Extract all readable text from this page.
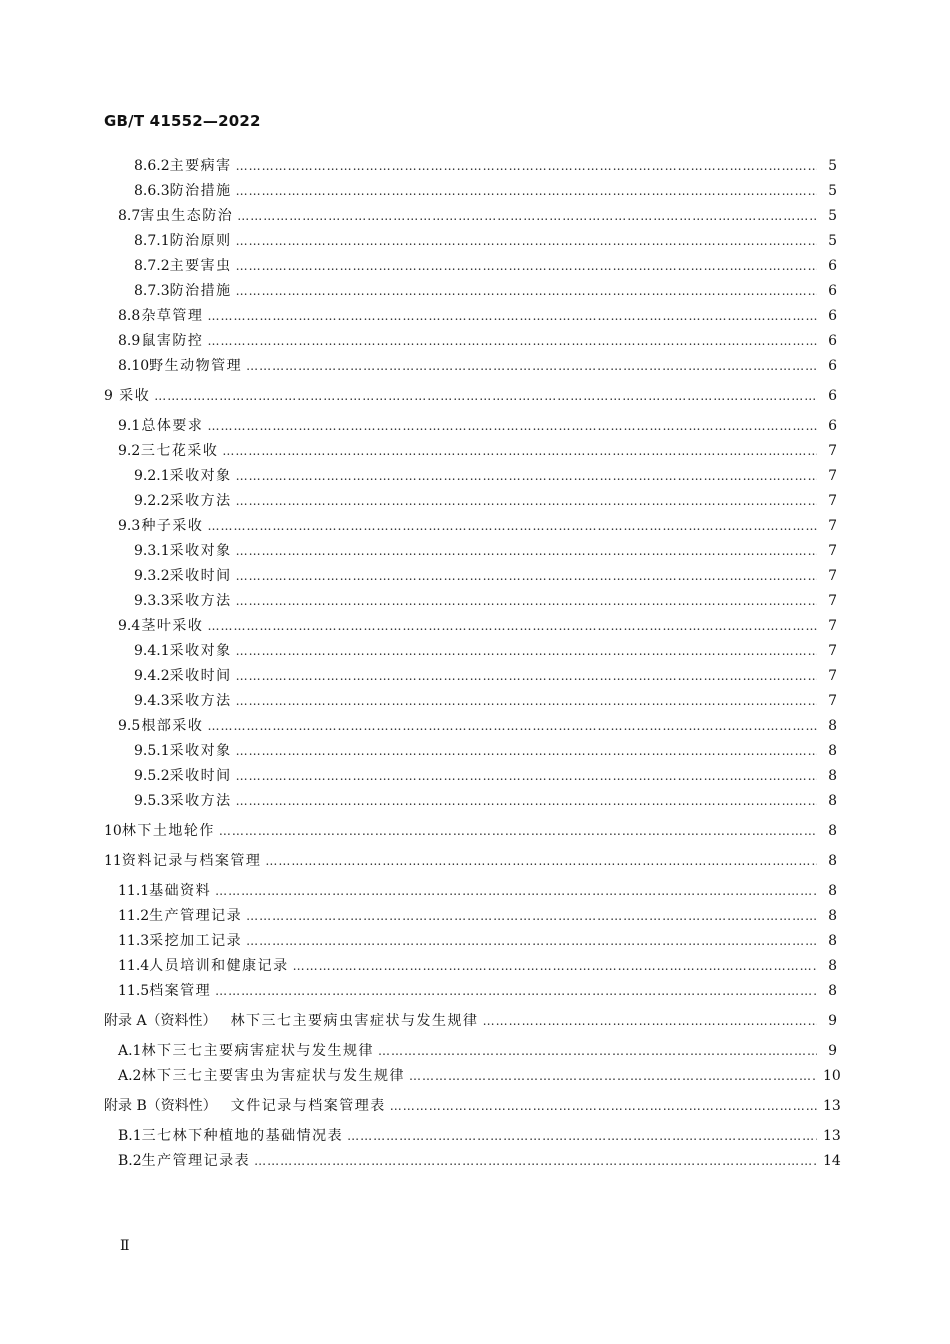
GB/T 41552—2022
8.6.2 主要病害 ……………………………………………………………………………………………………………………………………………………………………………………………………………………	5
8.6.3 防治措施 ……………………………………………………………………………………………………………………………………………………………………………………………………………………	5
8.7 害虫生态防治 ……………………………………………………………………………………………………………………………………………………………………………………………………………………	5
8.7.1 防治原则 ……………………………………………………………………………………………………………………………………………………………………………………………………………………	5
8.7.2 主要害虫 ……………………………………………………………………………………………………………………………………………………………………………………………………………………	6
8.7.3 防治措施 ……………………………………………………………………………………………………………………………………………………………………………………………………………………	6
8.8 杂草管理 ……………………………………………………………………………………………………………………………………………………………………………………………………………………	6
8.9 鼠害防控 ……………………………………………………………………………………………………………………………………………………………………………………………………………………	6
8.10 野生动物管理 ……………………………………………………………………………………………………………………………………………………………………………………………………………………	6
9 采收 ……………………………………………………………………………………………………………………………………………………………………………………………………………………	6
9.1 总体要求 ……………………………………………………………………………………………………………………………………………………………………………………………………………………	6
9.2 三七花采收 ……………………………………………………………………………………………………………………………………………………………………………………………………………………	7
9.2.1 采收对象 ……………………………………………………………………………………………………………………………………………………………………………………………………………………	7
9.2.2 采收方法 ……………………………………………………………………………………………………………………………………………………………………………………………………………………	7
9.3 种子采收 ……………………………………………………………………………………………………………………………………………………………………………………………………………………	7
9.3.1 采收对象 ……………………………………………………………………………………………………………………………………………………………………………………………………………………	7
9.3.2 采收时间 ……………………………………………………………………………………………………………………………………………………………………………………………………………………	7
9.3.3 采收方法 ……………………………………………………………………………………………………………………………………………………………………………………………………………………	7
9.4 茎叶采收 ……………………………………………………………………………………………………………………………………………………………………………………………………………………	7
9.4.1 采收对象 ……………………………………………………………………………………………………………………………………………………………………………………………………………………	7
9.4.2 采收时间 ……………………………………………………………………………………………………………………………………………………………………………………………………………………	7
9.4.3 采收方法 ……………………………………………………………………………………………………………………………………………………………………………………………………………………	7
9.5 根部采收 ……………………………………………………………………………………………………………………………………………………………………………………………………………………	8
9.5.1 采收对象 ……………………………………………………………………………………………………………………………………………………………………………………………………………………	8
9.5.2 采收时间 ……………………………………………………………………………………………………………………………………………………………………………………………………………………	8
9.5.3 采收方法 ……………………………………………………………………………………………………………………………………………………………………………………………………………………	8
10 林下土地轮作 ……………………………………………………………………………………………………………………………………………………………………………………………………………………	8
11 资料记录与档案管理 ……………………………………………………………………………………………………………………………………………………………………………………………………………………	8
11.1 基础资料 ……………………………………………………………………………………………………………………………………………………………………………………………………………………	8
11.2 生产管理记录 ……………………………………………………………………………………………………………………………………………………………………………………………………………………	8
11.3 采挖加工记录 ……………………………………………………………………………………………………………………………………………………………………………………………………………………	8
11.4 人员培训和健康记录 ……………………………………………………………………………………………………………………………………………………………………………………………………………………	8
11.5 档案管理 ……………………………………………………………………………………………………………………………………………………………………………………………………………………	8
附录 A（资料性） 林下三七主要病虫害症状与发生规律 ……………………………………………………………………………………………………………………………………………………………………………………………………………………	9
A.1 林下三七主要病害症状与发生规律 ……………………………………………………………………………………………………………………………………………………………………………………………………………………	9
A.2 林下三七主要害虫为害症状与发生规律 ……………………………………………………………………………………………………………………………………………………………………………………………………………………	10
附录 B（资料性） 文件记录与档案管理表 ……………………………………………………………………………………………………………………………………………………………………………………………………………………	13
B.1 三七林下种植地的基础情况表 ……………………………………………………………………………………………………………………………………………………………………………………………………………………	13
B.2 生产管理记录表 ……………………………………………………………………………………………………………………………………………………………………………………………………………………	14
Ⅱ
